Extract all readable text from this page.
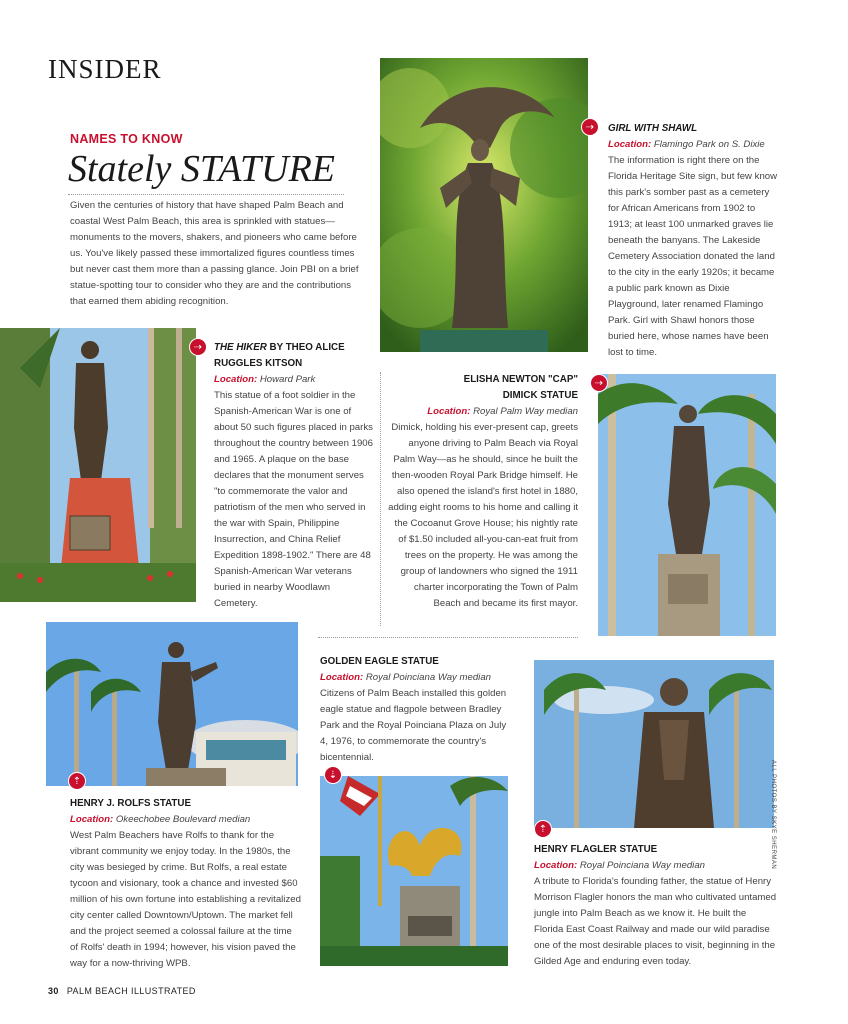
INSIDER
NAMES TO KNOW
Stately STATURE
Given the centuries of history that have shaped Palm Beach and coastal West Palm Beach, this area is sprinkled with statues—monuments to the movers, shakers, and pioneers who came before us. You've likely passed these immortalized figures countless times but never cast them more than a passing glance. Join PBI on a brief statue-spotting tour to consider who they are and the contributions that earned them abiding recognition.
⇢	GIRL WITH SHAWL
Location: Flamingo Park on S. Dixie
The information is right there on the Florida Heritage Site sign, but few know this park's somber past as a cemetery for African Americans from 1902 to 1913; at least 100 unmarked graves lie beneath the banyans. The Lakeside Cemetery Association donated the land to the city in the early 1920s; it became a public park known as Dixie Playground, later renamed Flamingo Park. Girl with Shawl honors those buried here, whose names have been lost to time.
⇢	THE HIKER BY THEO ALICE RUGGLES KITSON
Location: Howard Park
This statue of a foot soldier in the Spanish-American War is one of about 50 such figures placed in parks throughout the country between 1906 and 1965. A plaque on the base declares that the monument serves "to commemorate the valor and patriotism of the men who served in the war with Spain, Philippine Insurrection, and China Relief Expedition 1898-1902." There are 48 Spanish-American War veterans buried in nearby Woodlawn Cemetery.
ELISHA NEWTON "CAP"
DIMICK STATUE
Location: Royal Palm Way median
Dimick, holding his ever-present cap, greets anyone driving to Palm Beach via Royal Palm Way—as he should, since he built the then-wooden Royal Park Bridge himself. He also opened the island's first hotel in 1880, adding eight rooms to his home and calling it the Cocoanut Grove House; his nightly rate of $1.50 included all-you-can-eat fruit from trees on the property. He was among the group of landowners who signed the 1911 charter incorporating the Town of Palm Beach and became its first mayor.
⇢
⇡
HENRY J. ROLFS STATUE
Location: Okeechobee Boulevard median
West Palm Beachers have Rolfs to thank for the vibrant community we enjoy today. In the 1980s, the city was besieged by crime. But Rolfs, a real estate tycoon and visionary, took a chance and invested $60 million of his own fortune into establishing a revitalized city center called Downtown/Uptown. The market fell and the project seemed a colossal failure at the time of Rolfs' death in 1994; however, his vision paved the way for a now-thriving WPB.
GOLDEN EAGLE STATUE
Location: Royal Poinciana Way median
Citizens of Palm Beach installed this golden eagle statue and flagpole between Bradley Park and the Royal Poinciana Plaza on July 4, 1976, to commemorate the country's bicentennial.
⇣
⇡	ALL PHOTOS BY SKYE SHERMAN
HENRY FLAGLER STATUE
Location: Royal Poinciana Way median
A tribute to Florida's founding father, the statue of Henry Morrison Flagler honors the man who cultivated untamed jungle into Palm Beach as we know it. He built the Florida East Coast Railway and made our wild paradise one of the most desirable places to visit, beginning in the Gilded Age and enduring even today.
30 PALM BEACH ILLUSTRATED
